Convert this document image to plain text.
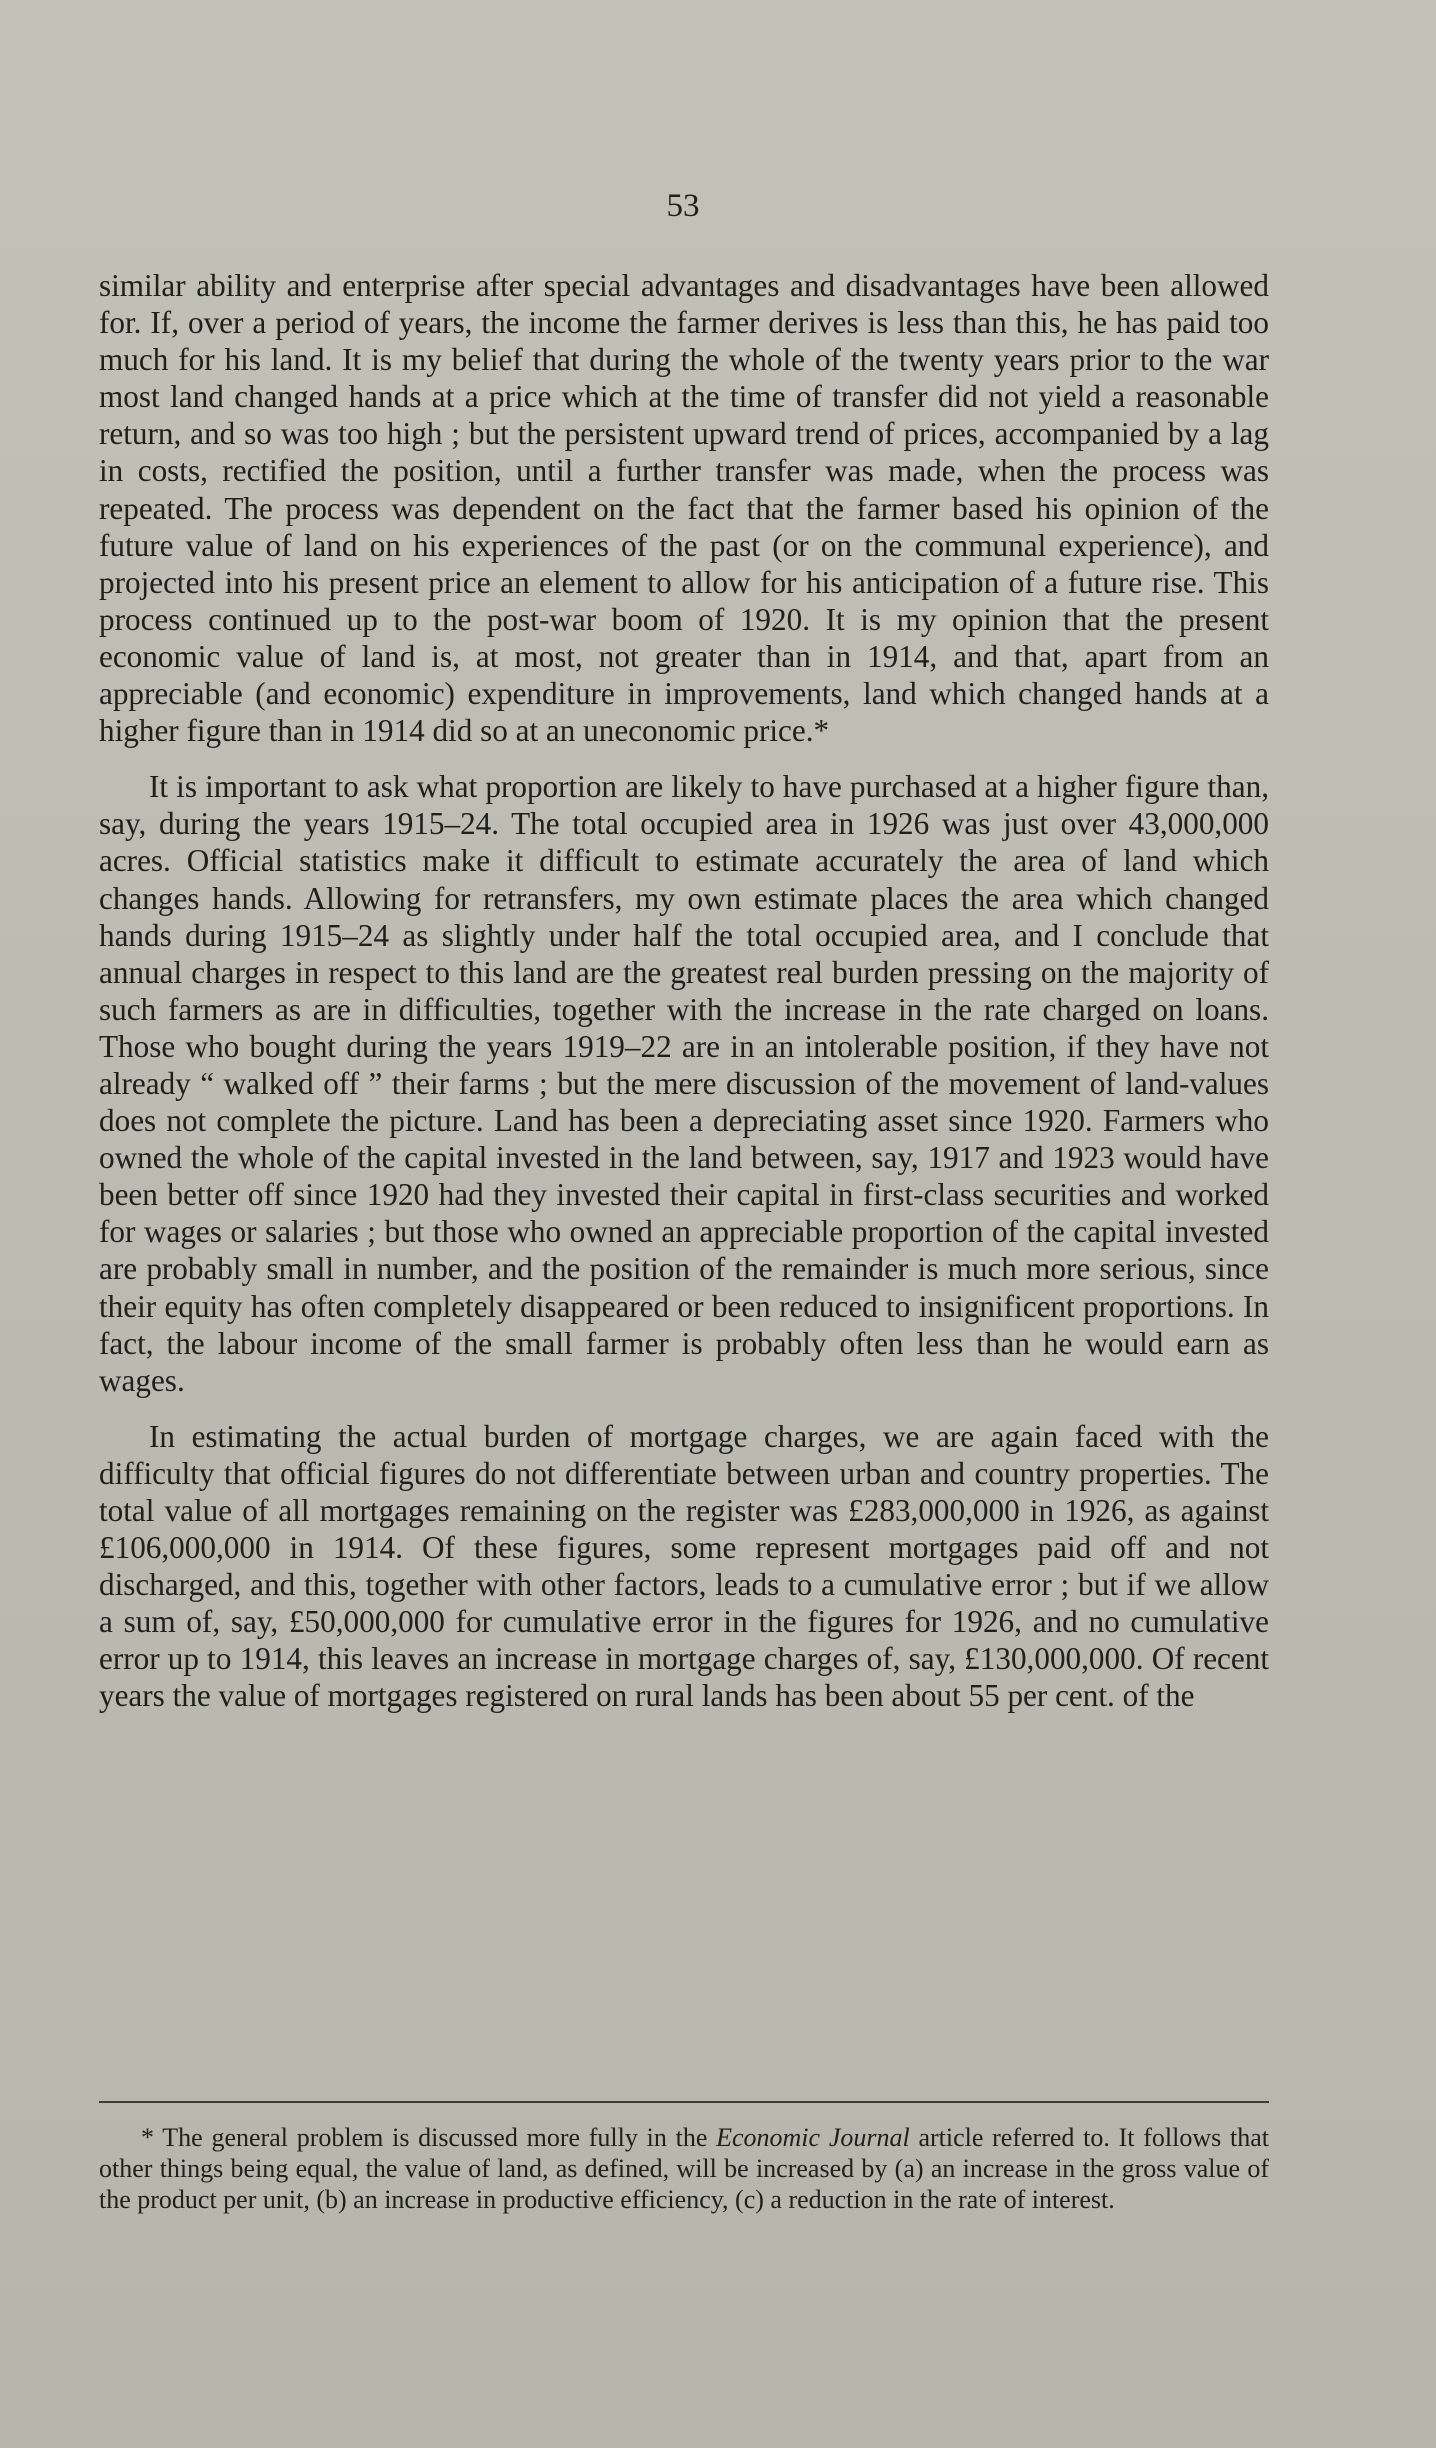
53

similar ability and enterprise after special advantages and disadvantages have been allowed for. If, over a period of years, the income the farmer derives is less than this, he has paid too much for his land. It is my belief that during the whole of the twenty years prior to the war most land changed hands at a price which at the time of transfer did not yield a reasonable return, and so was too high ; but the persistent upward trend of prices, accompanied by a lag in costs, rectified the position, until a further transfer was made, when the process was repeated. The process was dependent on the fact that the farmer based his opinion of the future value of land on his experiences of the past (or on the communal experience), and projected into his present price an element to allow for his anticipation of a future rise. This process continued up to the post-war boom of 1920. It is my opinion that the present economic value of land is, at most, not greater than in 1914, and that, apart from an appreciable (and economic) expenditure in improvements, land which changed hands at a higher figure than in 1914 did so at an uneconomic price.*

It is important to ask what proportion are likely to have purchased at a higher figure than, say, during the years 1915–24. The total occupied area in 1926 was just over 43,000,000 acres. Official statistics make it difficult to estimate accurately the area of land which changes hands. Allowing for retransfers, my own estimate places the area which changed hands during 1915–24 as slightly under half the total occupied area, and I conclude that annual charges in respect to this land are the greatest real burden pressing on the majority of such farmers as are in difficulties, together with the increase in the rate charged on loans. Those who bought during the years 1919–22 are in an intolerable position, if they have not already “ walked off ” their farms ; but the mere discussion of the movement of land-values does not complete the picture. Land has been a depreciating asset since 1920. Farmers who owned the whole of the capital invested in the land between, say, 1917 and 1923 would have been better off since 1920 had they invested their capital in first-class securities and worked for wages or salaries ; but those who owned an appreciable proportion of the capital invested are probably small in number, and the position of the remainder is much more serious, since their equity has often completely disappeared or been reduced to insignificent proportions. In fact, the labour income of the small farmer is probably often less than he would earn as wages.

In estimating the actual burden of mortgage charges, we are again faced with the difficulty that official figures do not differentiate between urban and country properties. The total value of all mortgages remaining on the register was £283,000,000 in 1926, as against £106,000,000 in 1914. Of these figures, some represent mortgages paid off and not discharged, and this, together with other factors, leads to a cumulative error ; but if we allow a sum of, say, £50,000,000 for cumulative error in the figures for 1926, and no cumulative error up to 1914, this leaves an increase in mortgage charges of, say, £130,000,000. Of recent years the value of mortgages registered on rural lands has been about 55 per cent. of the

* The general problem is discussed more fully in the Economic Journal article referred to. It follows that other things being equal, the value of land, as defined, will be increased by (a) an increase in the gross value of the product per unit, (b) an increase in productive efficiency, (c) a reduction in the rate of interest.
